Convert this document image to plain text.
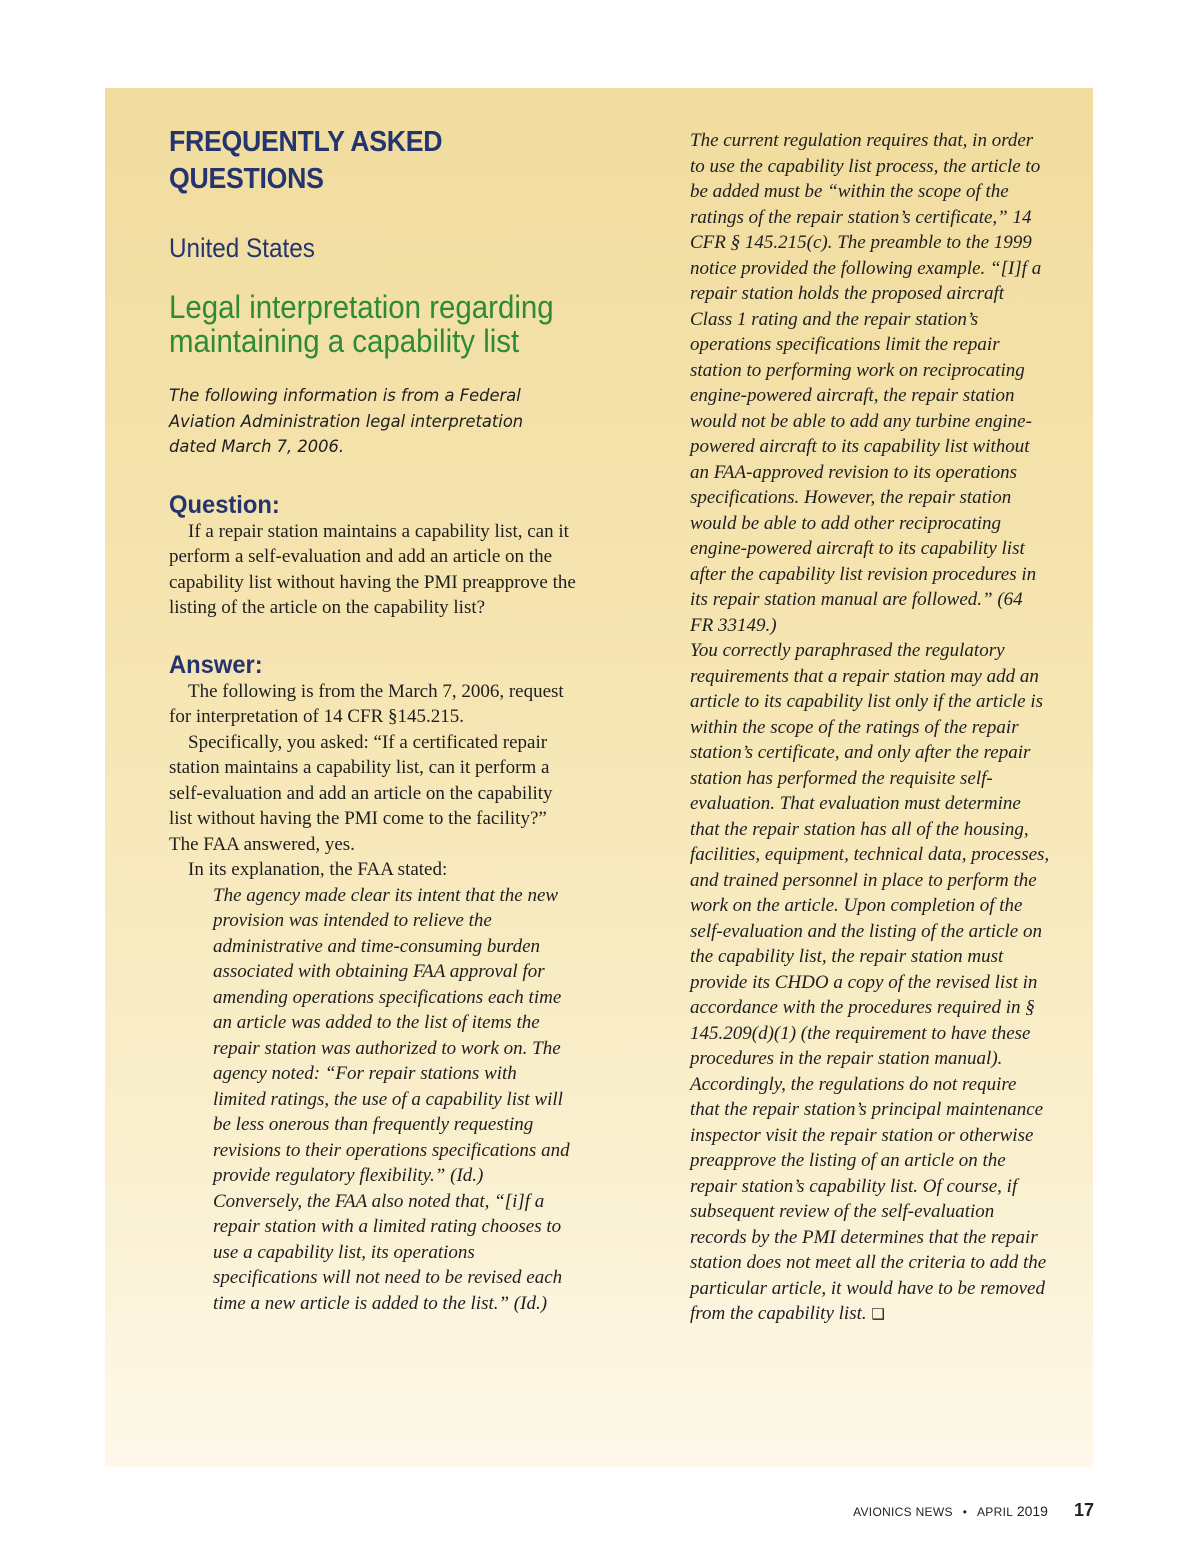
FREQUENTLY ASKED QUESTIONS
United States
Legal interpretation regarding maintaining a capability list
The following information is from a Federal Aviation Administration legal interpretation dated March 7, 2006.
Question:

If a repair station maintains a capability list, can it perform a self-evaluation and add an article on the capability list without having the PMI preapprove the listing of the article on the capability list?

Answer:

The following is from the March 7, 2006, request for interpretation of 14 CFR §145.215.

Specifically, you asked: “If a certificated repair station maintains a capability list, can it perform a self-evaluation and add an article on the capability list without having the PMI come to the facility?” The FAA answered, yes.

In its explanation, the FAA stated:

The agency made clear its intent that the new provision was intended to relieve the administrative and time-consuming burden associated with obtaining FAA approval for amending operations specifications each time an article was added to the list of items the repair station was authorized to work on. The agency noted: “For repair stations with limited ratings, the use of a capability list will be less onerous than frequently requesting revisions to their operations specifications and provide regulatory flexibility.” (Id.) Conversely, the FAA also noted that, “[i]f a repair station with a limited rating chooses to use a capability list, its operations specifications will not need to be revised each time a new article is added to the list.” (Id.)

The current regulation requires that, in order to use the capability list process, the article to be added must be “within the scope of the ratings of the repair station’s certificate,” 14 CFR § 145.215(c). The preamble to the 1999 notice provided the following example. “[I]f a repair station holds the proposed aircraft Class 1 rating and the repair station’s operations specifications limit the repair station to performing work on reciprocating engine-powered aircraft, the repair station would not be able to add any turbine engine-powered aircraft to its capability list without an FAA-approved revision to its operations specifications. However, the repair station would be able to add other reciprocating engine-powered aircraft to its capability list after the capability list revision procedures in its repair station manual are followed.” (64 FR 33149.)

You correctly paraphrased the regulatory requirements that a repair station may add an article to its capability list only if the article is within the scope of the ratings of the repair station’s certificate, and only after the repair station has performed the requisite self-evaluation. That evaluation must determine that the repair station has all of the housing, facilities, equipment, technical data, processes, and trained personnel in place to perform the work on the article. Upon completion of the self-evaluation and the listing of the article on the capability list, the repair station must provide its CHDO a copy of the revised list in accordance with the procedures required in § 145.209(d)(1) (the requirement to have these procedures in the repair station manual). Accordingly, the regulations do not require that the repair station’s principal maintenance inspector visit the repair station or otherwise preapprove the listing of an article on the repair station’s capability list. Of course, if subsequent review of the self-evaluation records by the PMI determines that the repair station does not meet all the criteria to add the particular article, it would have to be removed from the capability list. ❑

AVIONICS NEWS • APRIL 2019 17
